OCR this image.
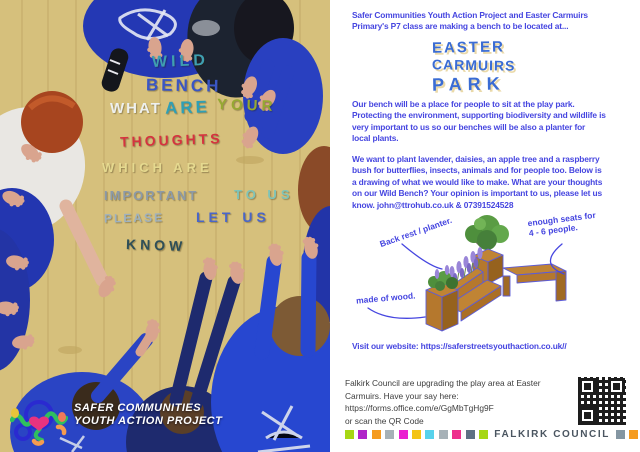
WILD
BENCH
WHAT ARE YOUR
THOUGHTS
WHICH ARE
IMPORTANT	TO US
PLEASE LET US
KNOW
SAFER COMMUNITIES
YOUTH ACTION PROJECT
Safer Communities Youth Action Project and Easter Carmuirs
Primary's P7 class are making a bench to be located at...
EASTER
CARMUIRS
PARK
Our bench will be a place for people to sit at the play park.
Protecting the environment, supporting biodiversity and wildlife is
very important to us so our benches will be also a planter for
local plants.
We want to plant lavender, daisies, an apple tree and a raspberry
bush for butterflies, insects, animals and for people too. Below is
a drawing of what we would like to make. What are your thoughts
on our Wild Bench? Your opinion is important to us, please let us
know. john@ttrohub.co.uk & 07391524528
Back rest / planter.	enough seats for
4 - 6 people.
made of wood.
Visit our website: https://saferstreetsyouthaction.co.uk//
Falkirk Council are upgrading the play area at Easter
Carmuirs. Have your say here:
https://forms.office.com/e/GgMbTgHg9F
or scan the QR Code
FALKIRK COUNCIL
